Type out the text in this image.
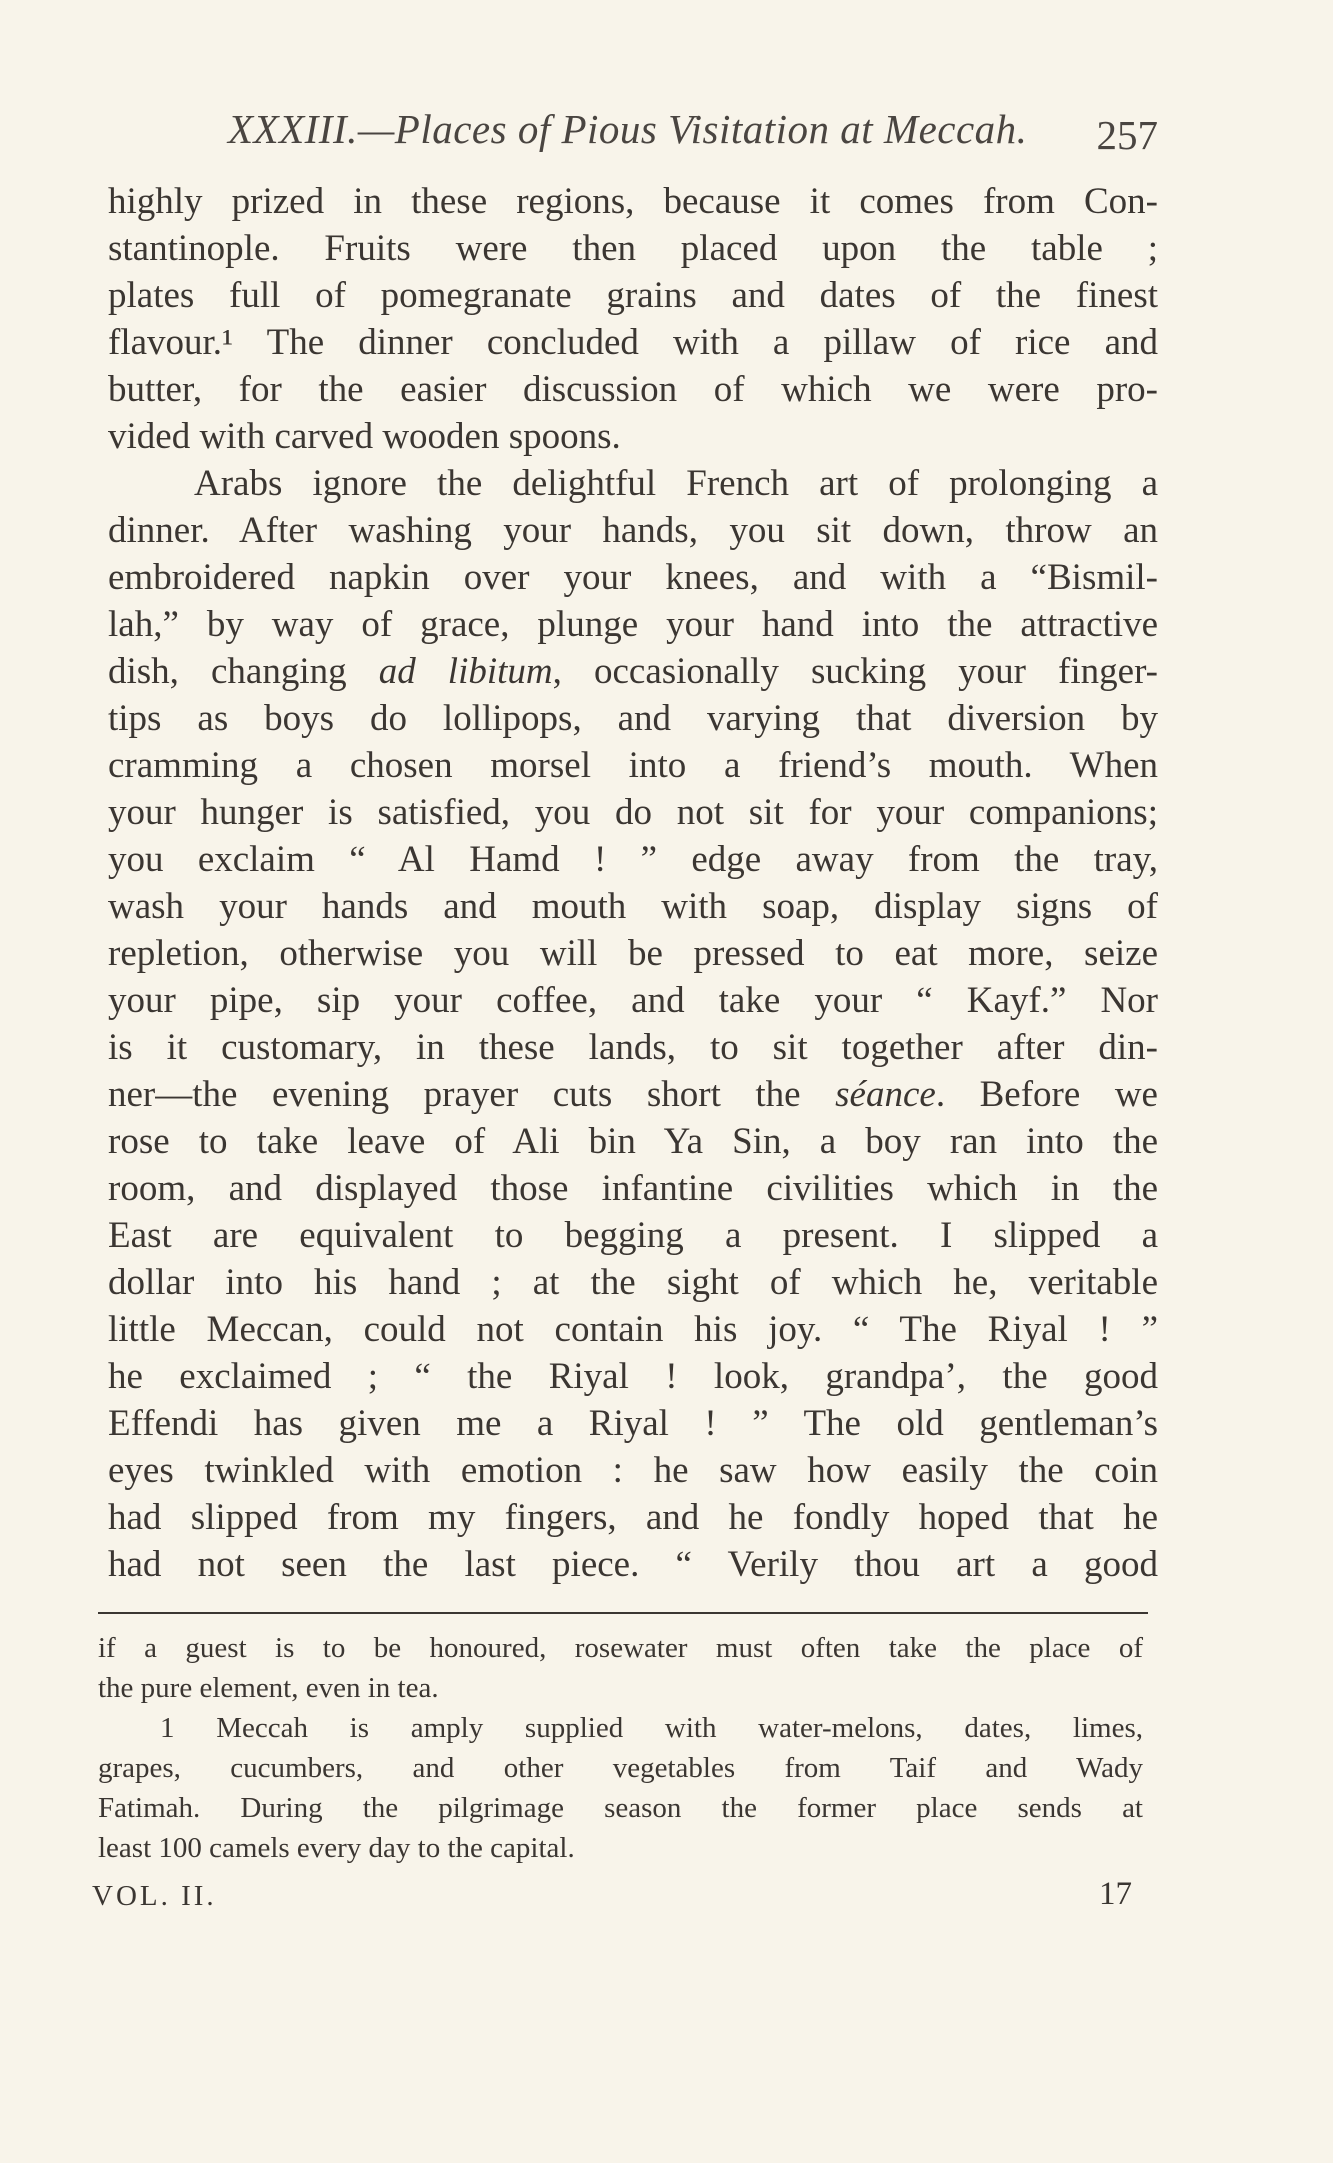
XXXIII.—Places of Pious Visitation at Meccah. 257
highly prized in these regions, because it comes from Con-
stantinople. Fruits were then placed upon the table ;
plates full of pomegranate grains and dates of the finest
flavour.¹ The dinner concluded with a pillaw of rice and
butter, for the easier discussion of which we were pro-
vided with carved wooden spoons.
Arabs ignore the delightful French art of prolonging a
dinner. After washing your hands, you sit down, throw an
embroidered napkin over your knees, and with a “Bismil-
lah,” by way of grace, plunge your hand into the attractive
dish, changing ad libitum, occasionally sucking your finger-
tips as boys do lollipops, and varying that diversion by
cramming a chosen morsel into a friend’s mouth. When
your hunger is satisfied, you do not sit for your companions;
you exclaim “ Al Hamd ! ” edge away from the tray,
wash your hands and mouth with soap, display signs of
repletion, otherwise you will be pressed to eat more, seize
your pipe, sip your coffee, and take your “ Kayf.” Nor
is it customary, in these lands, to sit together after din-
ner—the evening prayer cuts short the séance. Before we
rose to take leave of Ali bin Ya Sin, a boy ran into the
room, and displayed those infantine civilities which in the
East are equivalent to begging a present. I slipped a
dollar into his hand ; at the sight of which he, veritable
little Meccan, could not contain his joy. “ The Riyal ! ”
he exclaimed ; “ the Riyal ! look, grandpa’, the good
Effendi has given me a Riyal ! ” The old gentleman’s
eyes twinkled with emotion : he saw how easily the coin
had slipped from my fingers, and he fondly hoped that he
had not seen the last piece. “ Verily thou art a good
if a guest is to be honoured, rosewater must often take the place of
the pure element, even in tea.
1 Meccah is amply supplied with water-melons, dates, limes,
grapes, cucumbers, and other vegetables from Taif and Wady
Fatimah. During the pilgrimage season the former place sends at
least 100 camels every day to the capital.
VOL. II.	17
